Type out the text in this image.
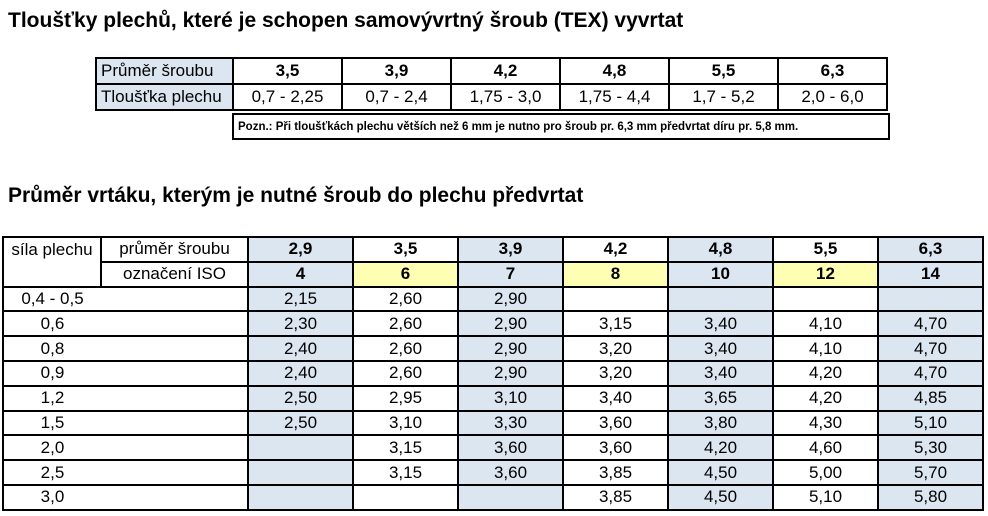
Tloušťky plechů, které je schopen samovývrtný šroub (TEX) vyvrtat
Průměr šroubu	3,5	3,9	4,2	4,8	5,5	6,3
Tloušťka plechu	0,7 - 2,25	0,7 - 2,4	1,75 - 3,0	1,75 - 4,4	1,7 - 5,2	2,0 - 6,0
Pozn.: Při tloušťkách plechu větších než 6 mm je nutno pro šroub pr. 6,3 mm předvrtat díru pr. 5,8 mm.
Průměr vrtáku, kterým je nutné šroub do plechu předvrtat
síla plechu	průměr šroubu	2,9	3,5	3,9	4,2	4,8	5,5	6,3
	označení ISO	4	6	7	8	10	12	14
0,4 - 0,5		2,15	2,60	2,90				
0,6		2,30	2,60	2,90	3,15	3,40	4,10	4,70
0,8		2,40	2,60	2,90	3,20	3,40	4,10	4,70
0,9		2,40	2,60	2,90	3,20	3,40	4,20	4,70
1,2		2,50	2,95	3,10	3,40	3,65	4,20	4,85
1,5		2,50	3,10	3,30	3,60	3,80	4,30	5,10
2,0			3,15	3,60	3,60	4,20	4,60	5,30
2,5			3,15	3,60	3,85	4,50	5,00	5,70
3,0					3,85	4,50	5,10	5,80
